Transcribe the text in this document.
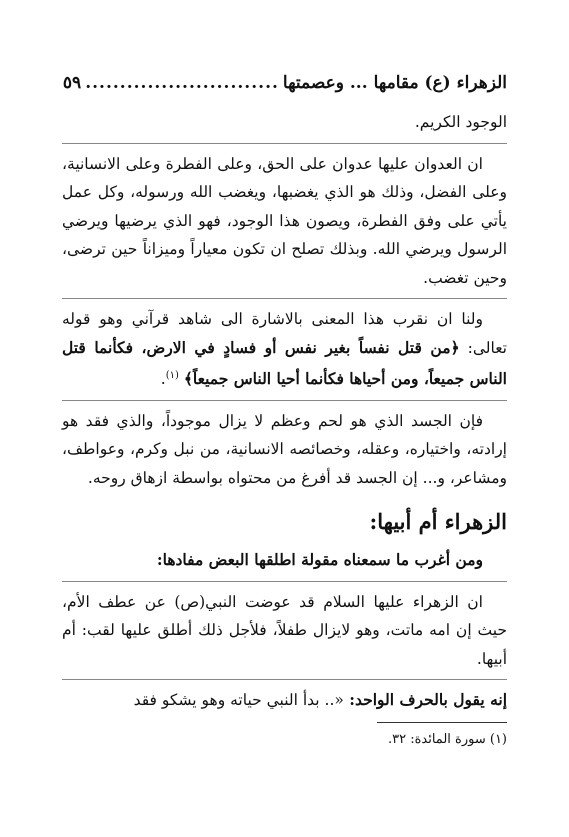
الزهراء (ع) مقامها ... وعصمتها
............................
٥٩

الوجود الكريم.

ان العدوان عليها عدوان على الحق، وعلى الفطرة وعلى الانسانية، وعلى الفضل، وذلك هو الذي يغضبها، ويغضب الله ورسوله، وكل عمل يأتي على وفق الفطرة، ويصون هذا الوجود، فهو الذي يرضيها ويرضي الرسول ويرضي الله. وبذلك تصلح ان تكون معياراً وميزاناً حين ترضى، وحين تغضب.

ولنا ان نقرب هذا المعنى بالاشارة الى شاهد قرآني وهو قوله تعالى: ﴿من قتل نفساً بغير نفس أو فسادٍ في الارض، فكأنما قتل الناس جميعاً، ومن أحياها فكأنما أحيا الناس جميعاً﴾ $^{(١)}$.

فإن الجسد الذي هو لحم وعظم لا يزال موجوداً، والذي فقد هو إرادته، واختياره، وعقله، وخصائصه الانسانية، من نبل وكرم، وعواطف، ومشاعر، و... إن الجسد قد أفرغ من محتواه بواسطة ازهاق روحه.

الزهراء أم أبيها:
ومن أغرب ما سمعناه مقولة اطلقها البعض مفادها:

ان الزهراء عليها السلام قد عوضت النبي(ص) عن عطف الأم، حيث إن امه ماتت، وهو لايزال طفلاً، فلأجل ذلك أطلق عليها لقب: أم أبيها.

إنه يقول بالحرف الواحد: «.. بدأ النبي حياته وهو يشكو فقد

(١) سورة المائدة: ٣٢.
